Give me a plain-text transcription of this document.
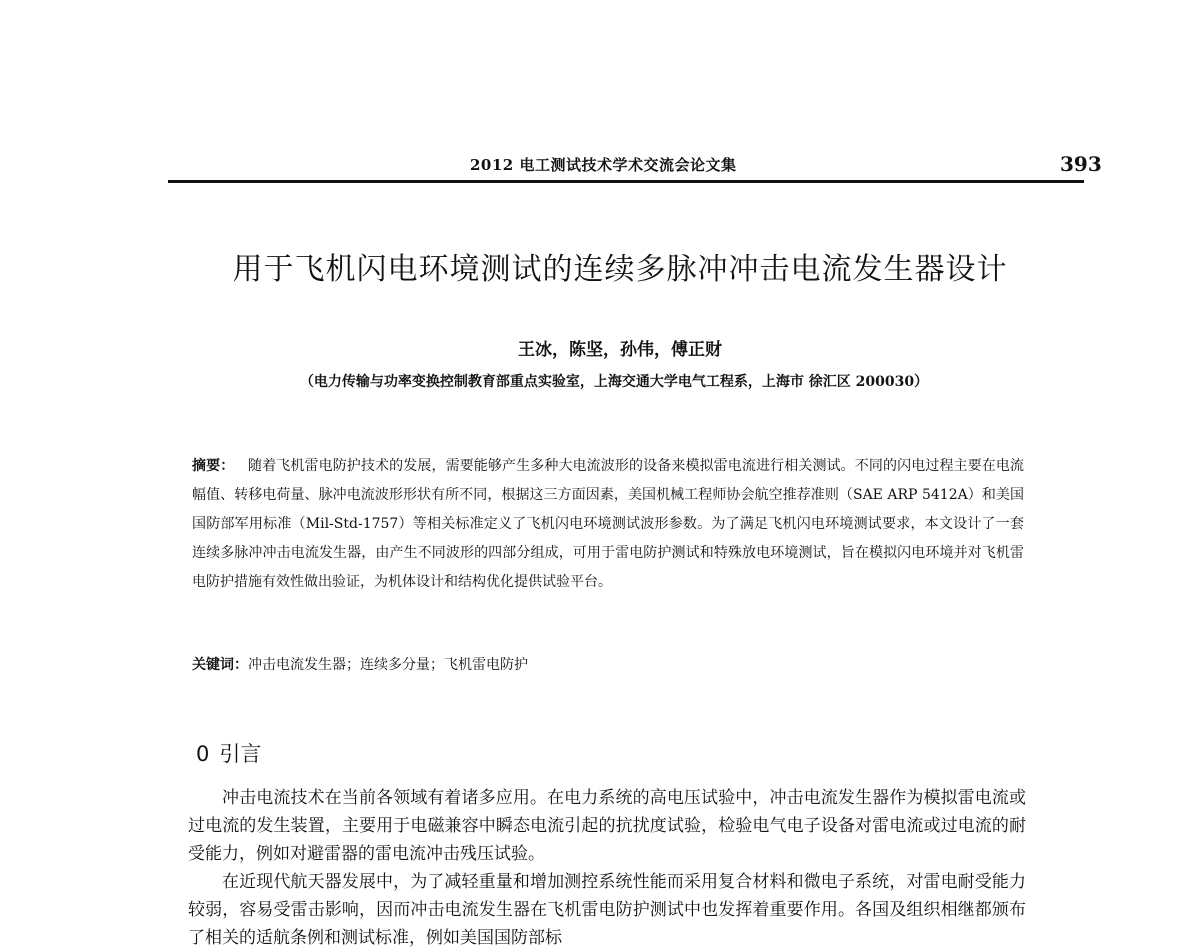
2012 电工测试技术学术交流会论文集	393
用于飞机闪电环境测试的连续多脉冲冲击电流发生器设计
王冰，陈坚，孙伟，傅正财
（电力传输与功率变换控制教育部重点实验室，上海交通大学电气工程系，上海市 徐汇区 200030）

摘要： 随着飞机雷电防护技术的发展，需要能够产生多种大电流波形的设备来模拟雷电流进行相关测试。不同的闪电过程主要在电流幅值、转移电荷量、脉冲电流波形形状有所不同，根据这三方面因素，美国机械工程师协会航空推荐准则（SAE ARP 5412A）和美国国防部军用标准（Mil-Std-1757）等相关标准定义了飞机闪电环境测试波形参数。为了满足飞机闪电环境测试要求，本文设计了一套连续多脉冲冲击电流发生器，由产生不同波形的四部分组成，可用于雷电防护测试和特殊放电环境测试，旨在模拟闪电环境并对飞机雷电防护措施有效性做出验证，为机体设计和结构优化提供试验平台。

关键词：冲击电流发生器；连续多分量；飞机雷电防护
0 引言

冲击电流技术在当前各领域有着诸多应用。在电力系统的高电压试验中，冲击电流发生器作为模拟雷电流或过电流的发生装置，主要用于电磁兼容中瞬态电流引起的抗扰度试验，检验电气电子设备对雷电流或过电流的耐受能力，例如对避雷器的雷电流冲击残压试验。

在近现代航天器发展中，为了减轻重量和增加测控系统性能而采用复合材料和微电子系统，对雷电耐受能力较弱，容易受雷击影响，因而冲击电流发生器在飞机雷电防护测试中也发挥着重要作用。各国及组织相继都颁布了相关的适航条例和测试标准，例如美国国防部标
